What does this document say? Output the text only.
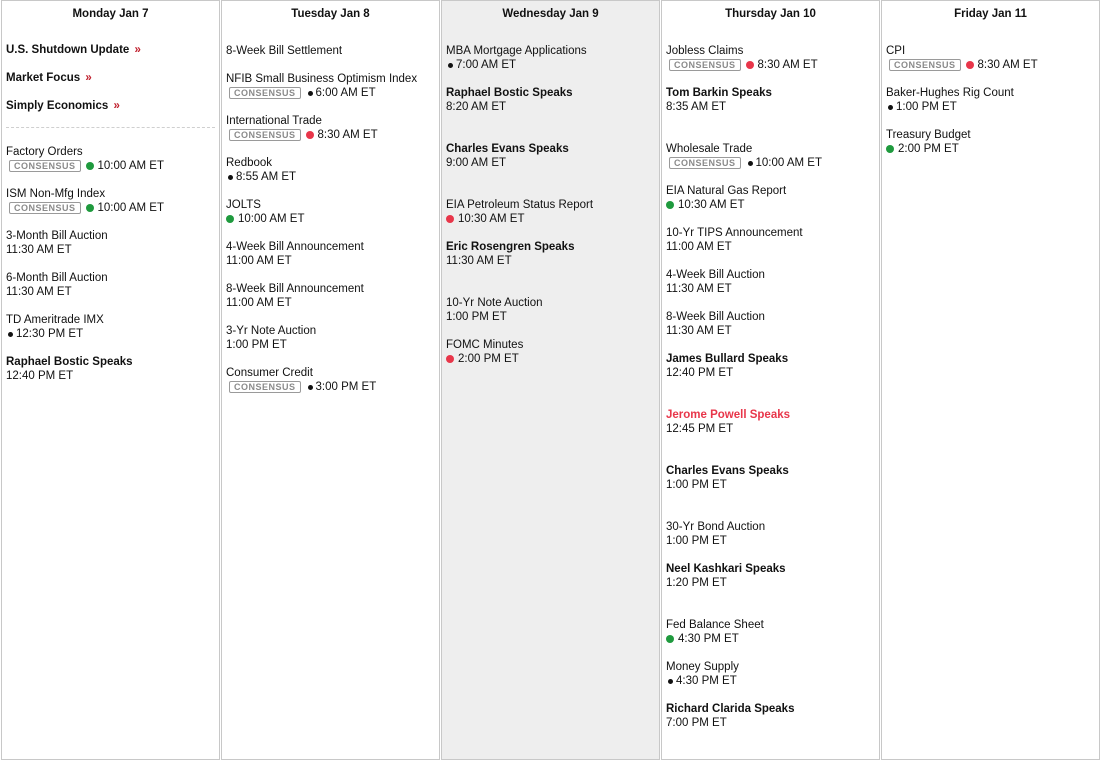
Monday Jan 7
U.S. Shutdown Update »
Market Focus »
Simply Economics »
Factory Orders
CONSENSUS	10:00 AM ET
ISM Non-Mfg Index
CONSENSUS	10:00 AM ET
3-Month Bill Auction
11:30 AM ET
6-Month Bill Auction
11:30 AM ET
TD Ameritrade IMX
12:30 PM ET
Raphael Bostic Speaks
12:40 PM ET
Tuesday Jan 8
8-Week Bill Settlement
NFIB Small Business Optimism Index
CONSENSUS	6:00 AM ET
International Trade
CONSENSUS	8:30 AM ET
Redbook
8:55 AM ET
JOLTS
10:00 AM ET
4-Week Bill Announcement
11:00 AM ET
8-Week Bill Announcement
11:00 AM ET
3-Yr Note Auction
1:00 PM ET
Consumer Credit
CONSENSUS	3:00 PM ET
Wednesday Jan 9
MBA Mortgage Applications
7:00 AM ET
Raphael Bostic Speaks
8:20 AM ET
Charles Evans Speaks
9:00 AM ET
EIA Petroleum Status Report
10:30 AM ET
Eric Rosengren Speaks
11:30 AM ET
10-Yr Note Auction
1:00 PM ET
FOMC Minutes
2:00 PM ET
Thursday Jan 10
Jobless Claims
CONSENSUS	8:30 AM ET
Tom Barkin Speaks
8:35 AM ET
Wholesale Trade
CONSENSUS	10:00 AM ET
EIA Natural Gas Report
10:30 AM ET
10-Yr TIPS Announcement
11:00 AM ET
4-Week Bill Auction
11:30 AM ET
8-Week Bill Auction
11:30 AM ET
James Bullard Speaks
12:40 PM ET
Jerome Powell Speaks
12:45 PM ET
Charles Evans Speaks
1:00 PM ET
30-Yr Bond Auction
1:00 PM ET
Neel Kashkari Speaks
1:20 PM ET
Fed Balance Sheet
4:30 PM ET
Money Supply
4:30 PM ET
Richard Clarida Speaks
7:00 PM ET
Friday Jan 11
CPI
CONSENSUS	8:30 AM ET
Baker-Hughes Rig Count
1:00 PM ET
Treasury Budget
2:00 PM ET
